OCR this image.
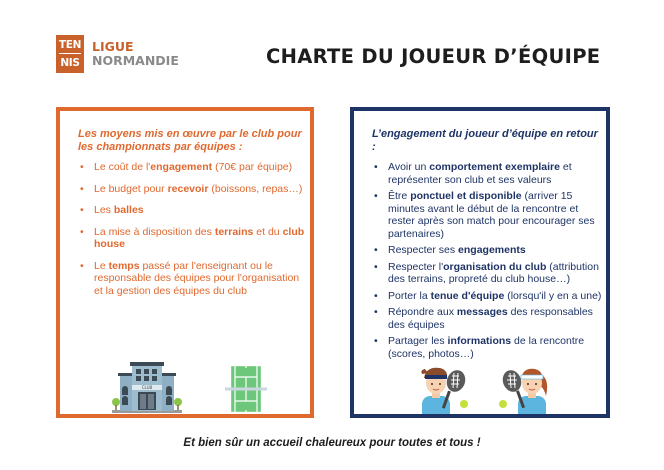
TEN
NIS
LIGUE
NORMANDIE	CHARTE DU JOUEUR D’ÉQUIPE
Les moyens mis en œuvre par le club pour les championnats par équipes :
• Le coût de l'engagement (70€ par équipe)
• Le budget pour recevoir (boissons, repas…)
• Les balles
• La mise à disposition des terrains et du club house
• Le temps passé par l'enseignant ou le responsable des équipes pour l'organisation et la gestion des équipes du club
CLUB
L’engagement du joueur d’équipe en retour :
• Avoir un comportement exemplaire et représenter son club et ses valeurs
• Être ponctuel et disponible (arriver 15 minutes avant le début de la rencontre et rester après son match pour encourager ses partenaires)
• Respecter ses engagements
• Respecter l'organisation du club (attribution des terrains, propreté du club house…)
• Porter la tenue d'équipe (lorsqu'il y en a une)
• Répondre aux messages des responsables des équipes
• Partager les informations de la rencontre (scores, photos…)
Et bien sûr un accueil chaleureux pour toutes et tous !
